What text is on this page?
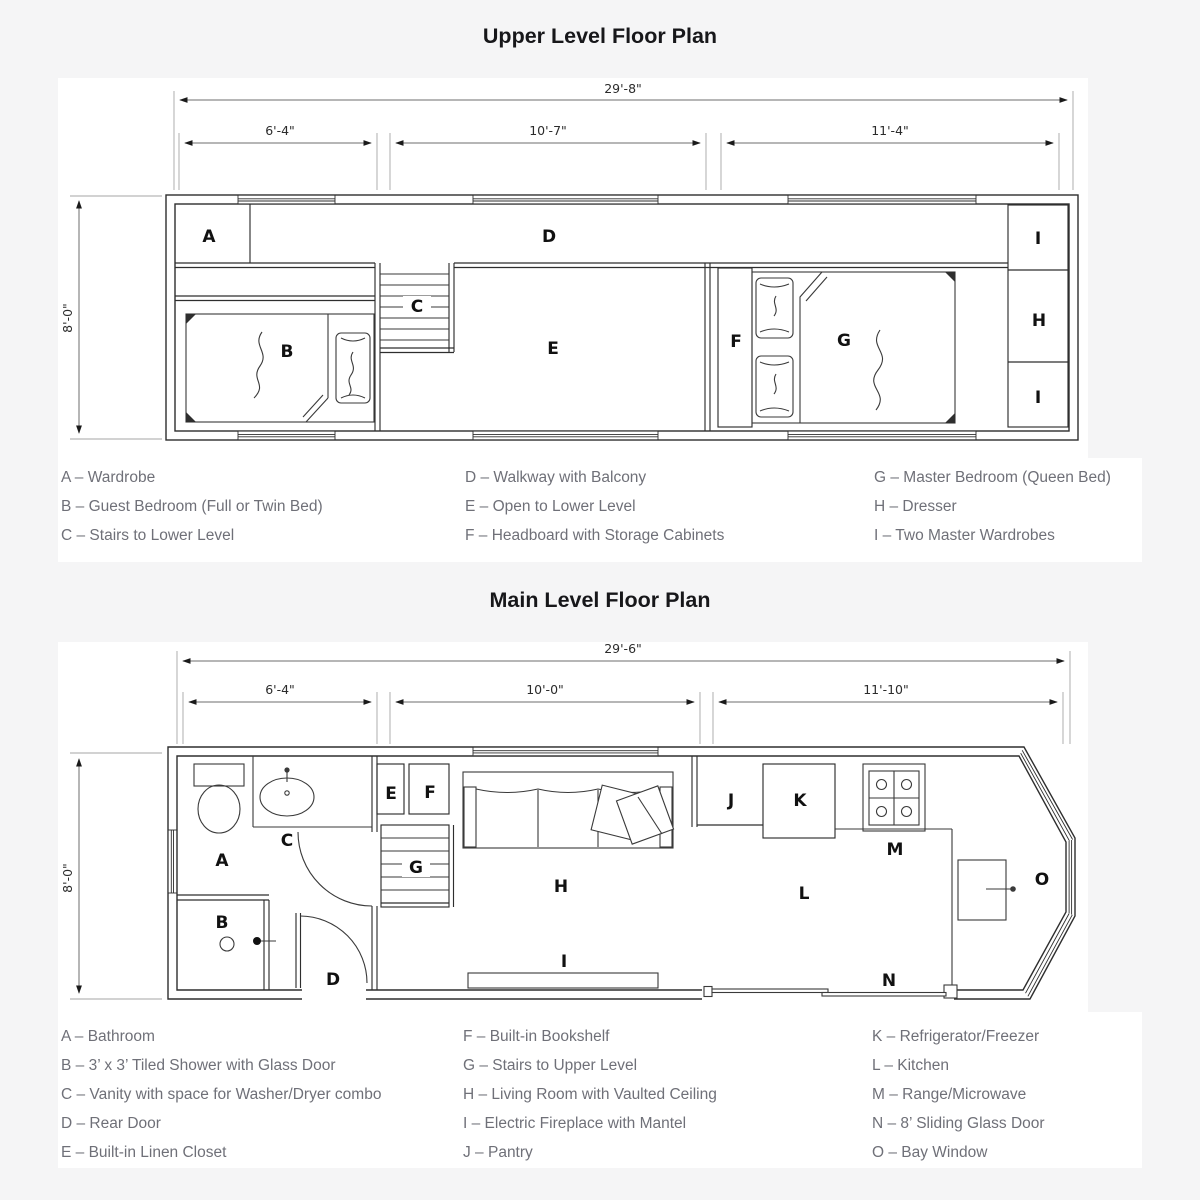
Upper Level Floor Plan
Main Level Floor Plan
29'-8"
6'-4"	10'-7"	11'-4"
8'-0"
A	D
C
B	E	F	G
I
H
I
29'-6"
6'-4"	10'-0"	11'-10"
8'-0"
A
C
B
D
E F
G
H
I
J	K
L
M
N
O
A – Wardrobe
B – Guest Bedroom (Full or Twin Bed)
C – Stairs to Lower Level
D – Walkway with Balcony
E – Open to Lower Level
F – Headboard with Storage Cabinets
G – Master Bedroom (Queen Bed)
H – Dresser
I – Two Master Wardrobes
A – Bathroom
B – 3’ x 3’ Tiled Shower with Glass Door
C – Vanity with space for Washer/Dryer combo
D – Rear Door
E – Built-in Linen Closet
F – Built-in Bookshelf
G – Stairs to Upper Level
H – Living Room with Vaulted Ceiling
I – Electric Fireplace with Mantel
J – Pantry
K – Refrigerator/Freezer
L – Kitchen
M – Range/Microwave
N – 8’ Sliding Glass Door
O – Bay Window
